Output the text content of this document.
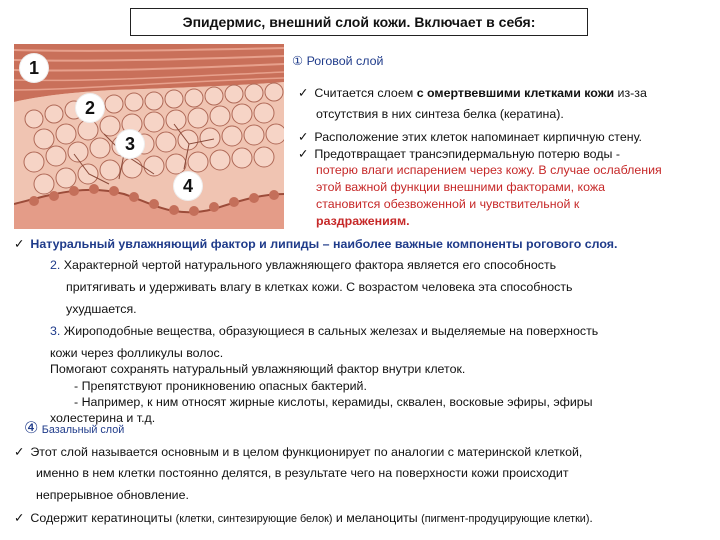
Эпидермис, внешний слой кожи. Включает в себя:
1
2
3
4
① Роговой слой
✓ Считается слоем с омертвевшими клетками кожи из-за
отсутствия в них синтеза белка (кератина).
✓ Расположение этих клеток напоминает кирпичную стену.
✓ Предотвращает трансэпидермальную потерю воды -
потерю влаги испарением через кожу. В случае ослабления
этой важной функции внешними факторами, кожа
становится обезвоженной и чувствительной к
раздражениям.
✓ Натуральный увлажняющий фактор и липиды – наиболее важные компоненты рогового слоя.
2. Характерной чертой натурального увлажняющего фактора является его способность
притягивать и удерживать влагу в клетках кожи. С возрастом человека эта способность
ухудшается.
3. Жироподобные вещества, образующиеся в сальных железах и выделяемые на поверхность
кожи через фолликулы волос.
Помогают сохранять натуральный увлажняющий фактор внутри клеток.
- Препятствуют проникновению опасных бактерий.
- Например, к ним относят жирные кислоты, керамиды, сквален, восковые эфиры, эфиры
холестерина и т.д.
④ Базальный слой
✓ Этот слой называется основным и в целом функционирует по аналогии с материнской клеткой,
именно в нем клетки постоянно делятся, в результате чего на поверхности кожи происходит
непрерывное обновление.
✓ Содержит кератиноциты (клетки, синтезирующие белок) и меланоциты (пигмент-продуцирующие клетки).
